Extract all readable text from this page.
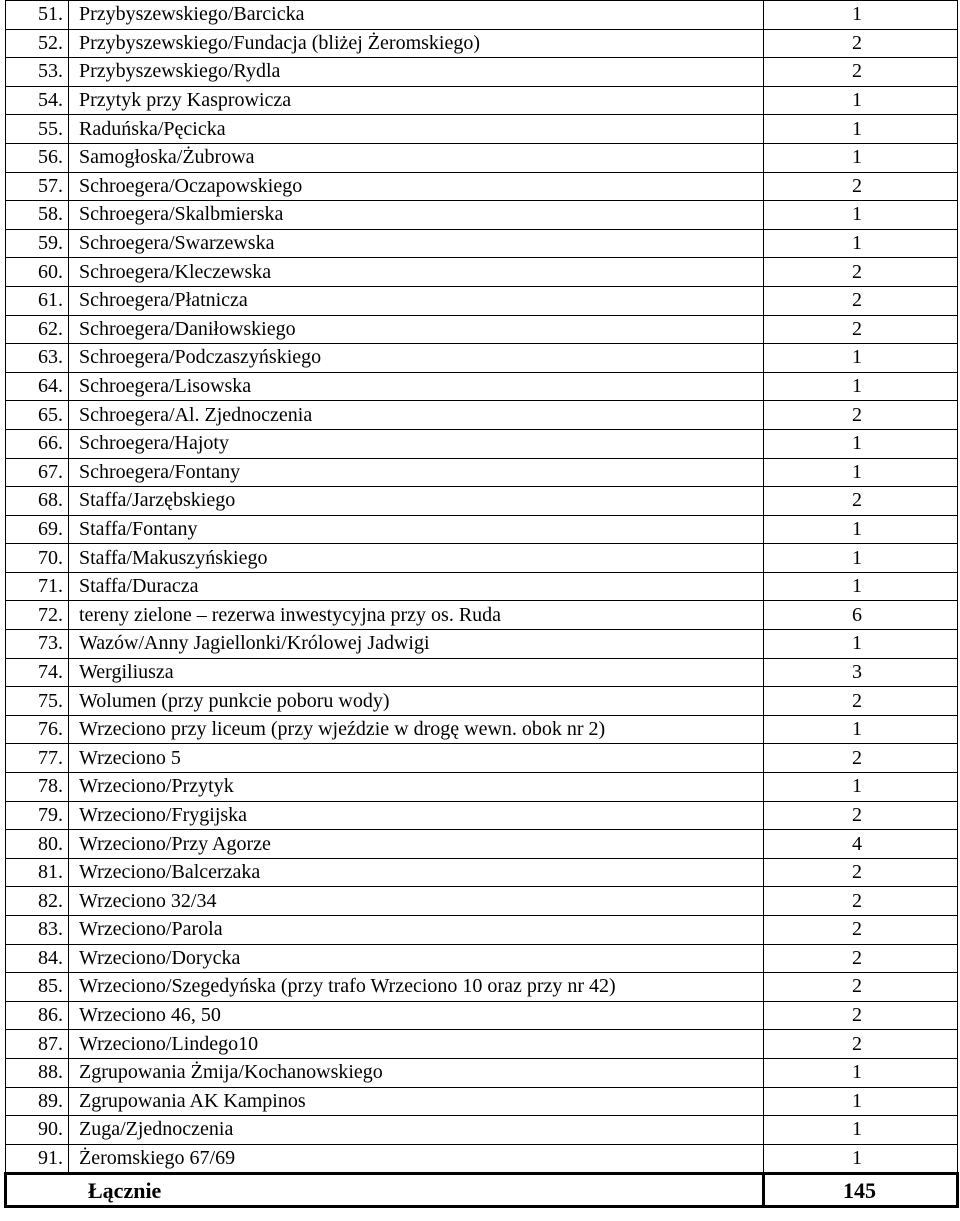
51.	Przybyszewskiego/Barcicka	1
52.	Przybyszewskiego/Fundacja (bliżej Żeromskiego)	2
53.	Przybyszewskiego/Rydla	2
54.	Przytyk przy Kasprowicza	1
55.	Raduńska/Pęcicka	1
56.	Samogłoska/Żubrowa	1
57.	Schroegera/Oczapowskiego	2
58.	Schroegera/Skalbmierska	1
59.	Schroegera/Swarzewska	1
60.	Schroegera/Kleczewska	2
61.	Schroegera/Płatnicza	2
62.	Schroegera/Daniłowskiego	2
63.	Schroegera/Podczaszyńskiego	1
64.	Schroegera/Lisowska	1
65.	Schroegera/Al. Zjednoczenia	2
66.	Schroegera/Hajoty	1
67.	Schroegera/Fontany	1
68.	Staffa/Jarzębskiego	2
69.	Staffa/Fontany	1
70.	Staffa/Makuszyńskiego	1
71.	Staffa/Duracza	1
72.	tereny zielone – rezerwa inwestycyjna przy os. Ruda	6
73.	Wazów/Anny Jagiellonki/Królowej Jadwigi	1
74.	Wergiliusza	3
75.	Wolumen (przy punkcie poboru wody)	2
76.	Wrzeciono przy liceum (przy wjeździe w drogę wewn. obok nr 2)	1
77.	Wrzeciono 5	2
78.	Wrzeciono/Przytyk	1
79.	Wrzeciono/Frygijska	2
80.	Wrzeciono/Przy Agorze	4
81.	Wrzeciono/Balcerzaka	2
82.	Wrzeciono 32/34	2
83.	Wrzeciono/Parola	2
84.	Wrzeciono/Dorycka	2
85.	Wrzeciono/Szegedyńska (przy trafo Wrzeciono 10 oraz przy nr 42)	2
86.	Wrzeciono 46, 50	2
87.	Wrzeciono/Lindego10	2
88.	Zgrupowania Żmija/Kochanowskiego	1
89.	Zgrupowania AK Kampinos	1
90.	Zuga/Zjednoczenia	1
91.	Żeromskiego 67/69	1
Łącznie		145
